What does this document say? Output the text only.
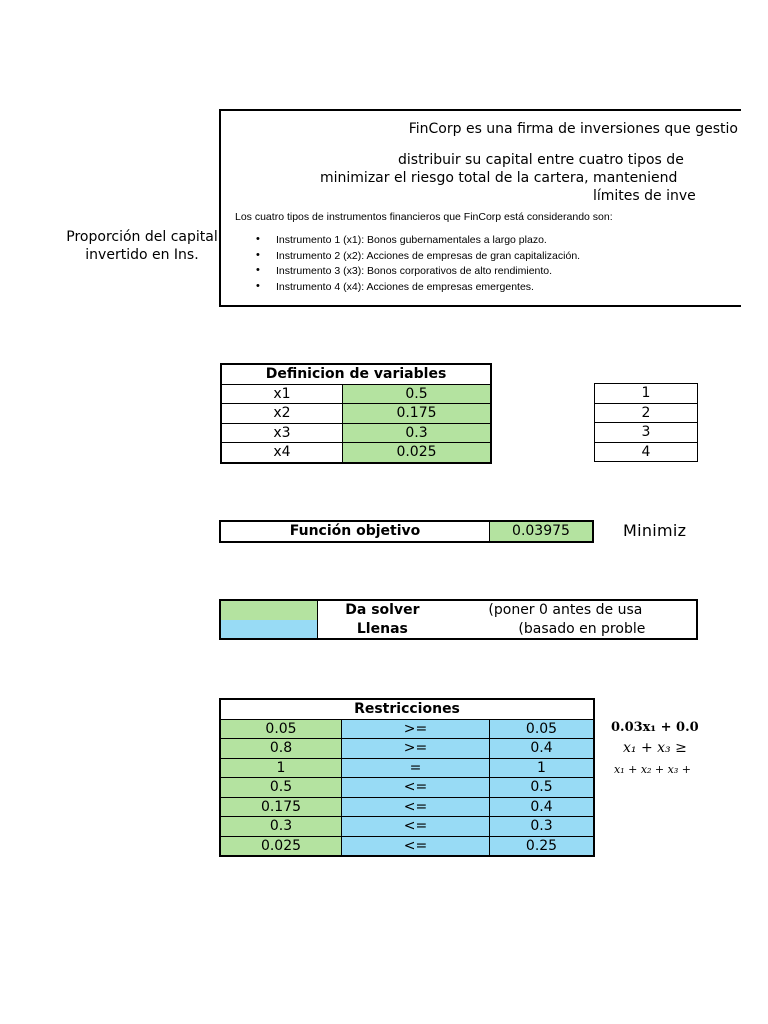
Proporción del capital invertido en Ins.
FinCorp es una firma de inversiones que gestio
distribuir su capital entre cuatro tipos de
minimizar el riesgo total de la cartera, manteniend
límites de inve
Los cuatro tipos de instrumentos financieros que FinCorp está considerando son:
• Instrumento 1 (x1): Bonos gubernamentales a largo plazo.
• Instrumento 2 (x2): Acciones de empresas de gran capitalización.
• Instrumento 3 (x3): Bonos corporativos de alto rendimiento.
• Instrumento 4 (x4): Acciones de empresas emergentes.
Definicion de variables	
x1	0.5
x2	0.175
x3	0.3
x4	0.025
1
2
3
4
Función objetivo	0.03975	Minimiz
	Da solver	(poner 0 antes de usa
	Llenas	(basado en proble
Restricciones		
0.05	>=	0.05
0.8	>=	0.4
1	=	1
0.5	<=	0.5
0.175	<=	0.4
0.3	<=	0.3
0.025	<=	0.25
0.03x₁ + 0.0
x₁ + x₃ ≥
x₁ + x₂ + x₃ +
